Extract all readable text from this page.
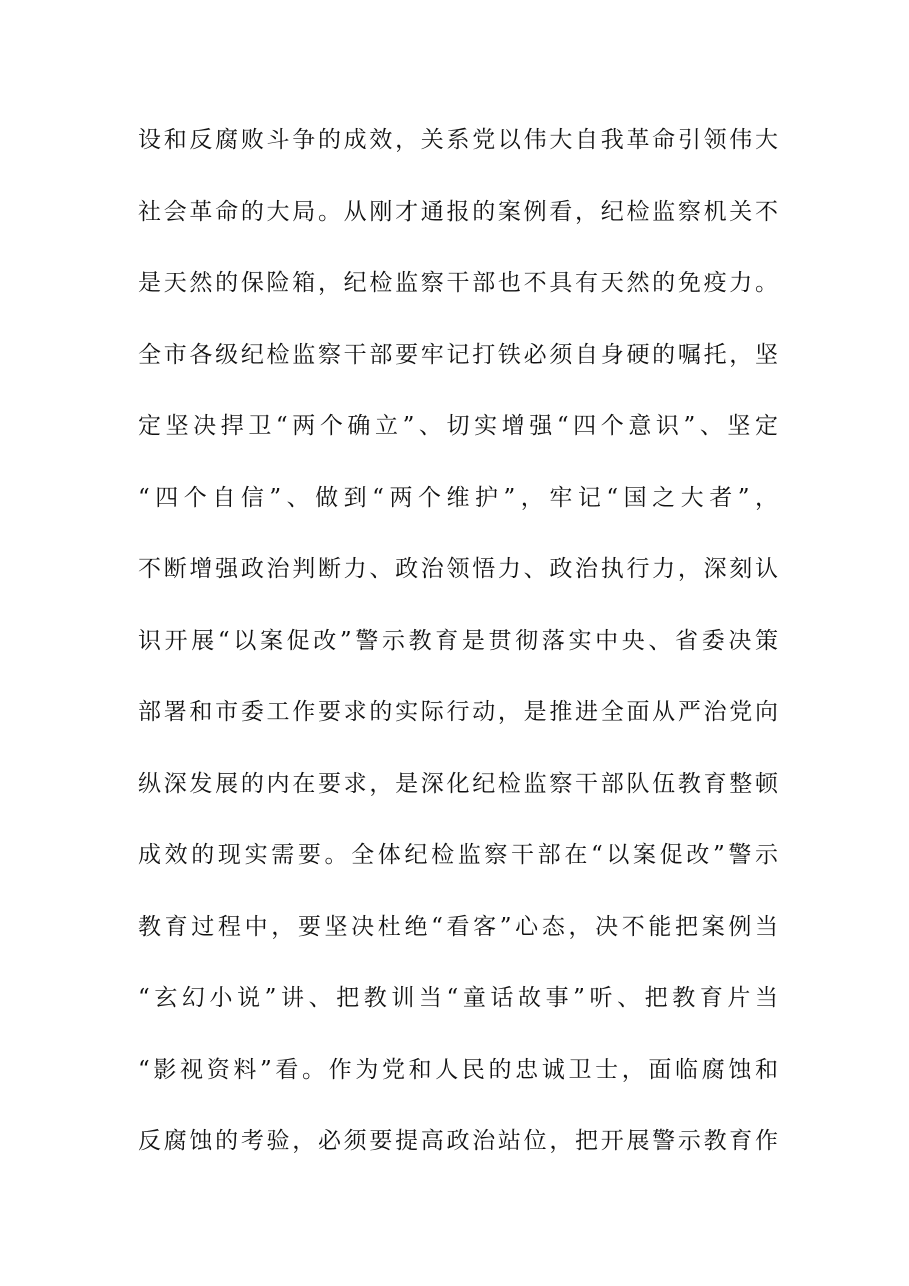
设和反腐败斗争的成效，关系党以伟大自我革命引领伟大
社会革命的大局。从刚才通报的案例看，纪检监察机关不
是天然的保险箱，纪检监察干部也不具有天然的免疫力。
全市各级纪检监察干部要牢记打铁必须自身硬的嘱托，坚
定坚决捍卫“两个确立”、切实增强“四个意识”、坚定
“四个自信”、做到“两个维护”，牢记“国之大者”，
不断增强政治判断力、政治领悟力、政治执行力，深刻认
识开展“以案促改”警示教育是贯彻落实中央、省委决策
部署和市委工作要求的实际行动，是推进全面从严治党向
纵深发展的内在要求，是深化纪检监察干部队伍教育整顿
成效的现实需要。全体纪检监察干部在“以案促改”警示
教育过程中，要坚决杜绝“看客”心态，决不能把案例当
“玄幻小说”讲、把教训当“童话故事”听、把教育片当
“影视资料”看。作为党和人民的忠诚卫士，面临腐蚀和
反腐蚀的考验，必须要提高政治站位，把开展警示教育作
